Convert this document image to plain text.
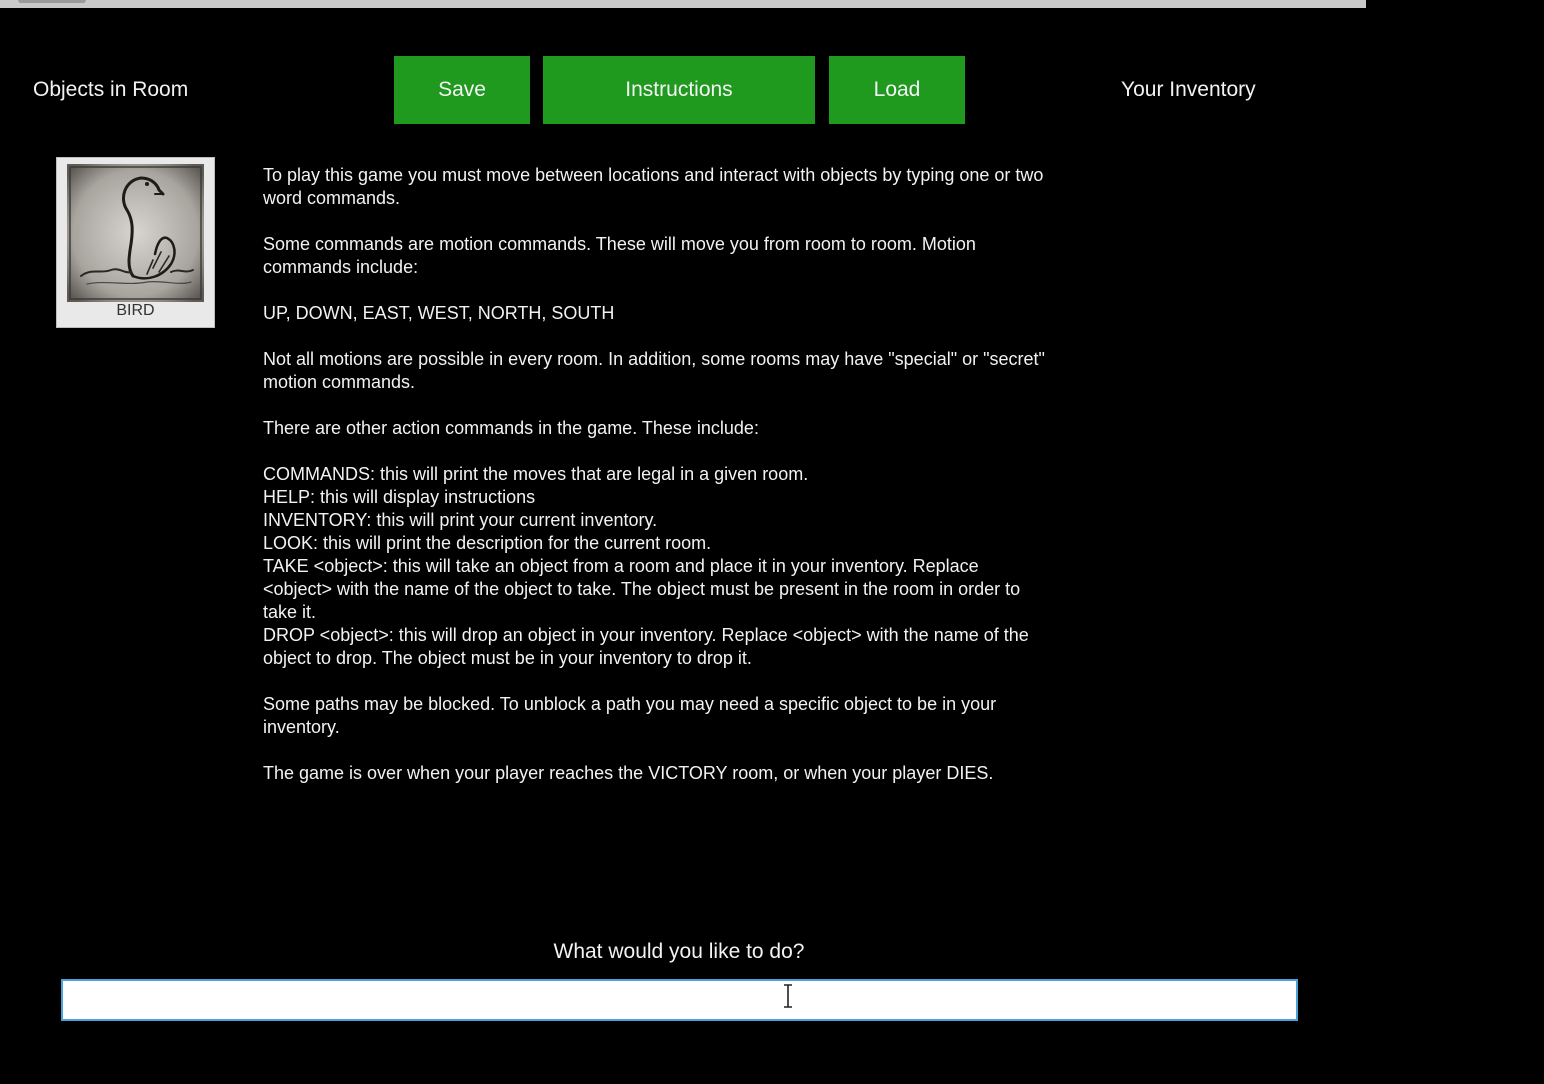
Objects in Room	Save	Instructions	Load	Your Inventory
BIRD

To play this game you must move between locations and interact with objects by typing one or two
word commands.

Some commands are motion commands. These will move you from room to room. Motion
commands include:

UP, DOWN, EAST, WEST, NORTH, SOUTH

Not all motions are possible in every room. In addition, some rooms may have "special" or "secret"
motion commands.

There are other action commands in the game. These include:

COMMANDS: this will print the moves that are legal in a given room.
HELP: this will display instructions
INVENTORY: this will print your current inventory.
LOOK: this will print the description for the current room.
TAKE <object>: this will take an object from a room and place it in your inventory. Replace
<object> with the name of the object to take. The object must be present in the room in order to
take it.
DROP <object>: this will drop an object in your inventory. Replace <object> with the name of the
object to drop. The object must be in your inventory to drop it.

Some paths may be blocked. To unblock a path you may need a specific object to be in your
inventory.

The game is over when your player reaches the VICTORY room, or when your player DIES.

What would you like to do?
